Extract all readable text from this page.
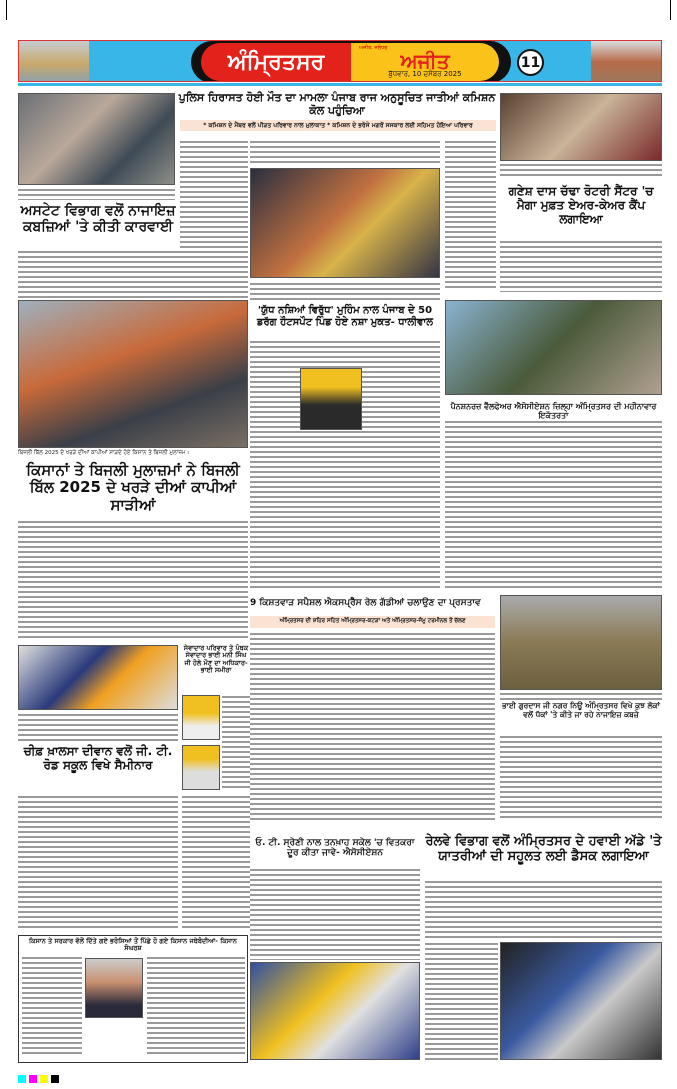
ਅੰਮ੍ਰਿਤਸਰ
ਅਜੀਤ, ਜਲੰਧਰ
ਅਜੀਤ
ਬੁੱਧਵਾਰ, 10 ਦਸੰਬਰ 2025
11
ਅਸਟੇਟ ਵਿਭਾਗ ਵਲੋਂ ਨਾਜਾਇਜ਼ ਕਬਜ਼ਿਆਂ 'ਤੇ ਕੀਤੀ ਕਾਰਵਾਈ
ਪੁਲਿਸ ਹਿਰਾਸਤ ਹੋਈ ਮੌਤ ਦਾ ਮਾਮਲਾ ਪੰਜਾਬ ਰਾਜ ਅਨੁਸੂਚਿਤ ਜਾਤੀਆਂ ਕਮਿਸ਼ਨ ਕੋਲ ਪਹੁੰਚਿਆ
* ਕਮਿਸ਼ਨ ਦੇ ਮੈਂਬਰ ਵਲੋਂ ਪੀੜਤ ਪਰਿਵਾਰ ਨਾਲ ਮੁਲਾਕਾਤ * ਕਮਿਸ਼ਨ ਦੇ ਭਰੋਸੇ ਮਗਰੋਂ ਸਸਕਾਰ ਲਈ ਸਹਿਮਤ ਹੋਇਆ ਪਰਿਵਾਰ
ਗਣੇਸ਼ ਦਾਸ ਚੱਢਾ ਰੋਟਰੀ ਸੈਂਟਰ 'ਚ ਮੈਗਾ ਮੁਫ਼ਤ ਏਅਰ-ਕੇਅਰ ਕੈਂਪ ਲਗਾਇਆ
ਬਿਜਲੀ ਬਿੱਲ 2025 ਦੇ ਖਰੜੇ ਦੀਆਂ ਕਾਪੀਆਂ ਸਾੜਦੇ ਹੋਏ ਕਿਸਾਨ ਤੇ ਬਿਜਲੀ ਮੁਲਾਜ਼ਮ।
ਕਿਸਾਨਾਂ ਤੇ ਬਿਜਲੀ ਮੁਲਾਜ਼ਮਾਂ ਨੇ ਬਿਜਲੀ ਬਿੱਲ 2025 ਦੇ ਖਰੜੇ ਦੀਆਂ ਕਾਪੀਆਂ ਸਾੜੀਆਂ
'ਯੁੱਧ ਨਸ਼ਿਆਂ ਵਿਰੁੱਧ' ਮੁਹਿੰਮ ਨਾਲ ਪੰਜਾਬ ਦੇ 50 ਡਰੱਗ ਹੌਟਸਪੌਟ ਪਿੰਡ ਹੋਏ ਨਸ਼ਾ ਮੁਕਤ- ਧਾਲੀਵਾਲ
ਪੈਨਸ਼ਨਰਜ਼ ਵੈੱਲਫੇਅਰ ਐਸੋਸੀਏਸ਼ਨ ਜ਼ਿਲ੍ਹਾ ਅੰਮ੍ਰਿਤਸਰ ਦੀ ਮਹੀਨਾਵਾਰ ਇਕੱਤਰਤਾ
9 ਕਿਸ਼ਤਵਾੜ ਸਪੈਸ਼ਲ ਐਕਸਪ੍ਰੈੱਸ ਰੇਲ ਗੱਡੀਆਂ ਚਲਾਉਣ ਦਾ ਪ੍ਰਸਤਾਵ
ਅੰਮ੍ਰਿਤਸਰ ਦੀ ਸ਼ਹਿਰ ਸਹਿਤ ਅੰਮ੍ਰਿਤਸਰ-ਕਟੜਾ ਅਤੇ ਅੰਮ੍ਰਿਤਸਰ-ਜੰਮੂ ਟਰਮੀਨਲ ਤੋਂ ਚੱਲਣ
ਭਾਈ ਗੁਰਦਾਸ ਜੀ ਨਗਰ ਨਿਊ ਅੰਮ੍ਰਿਤਸਰ ਵਿਖੇ ਕੁਝ ਲੋਕਾਂ ਵਲੋਂ ਧੱਕਾਂ 'ਤੇ ਕੀਤੇ ਜਾ ਰਹੇ ਨਾਜਾਇਜ਼ ਕਬਜ਼ੇ
ਚੀਫ਼ ਖ਼ਾਲਸਾ ਦੀਵਾਨ ਵਲੋਂ ਜੀ. ਟੀ. ਰੋਡ ਸਕੂਲ ਵਿਖੇ ਸੈਮੀਨਾਰ
ਸੇਵਾਦਾਰ ਪਰਿਵਾਰ ਤੇ ਪੰਥਕ ਸੇਵਾਦਾਰ ਭਾਈ ਮਨੀ ਸਿੰਘ ਜੀ ਹੋਲੇ ਮੌਣ ਦਾ ਅਧਿਕਾਰ-ਭਾਈ ਸਮੀਰਾ
ਓ. ਟੀ. ਸ੍ਰੇਣੀ ਨਾਲ ਤਨਖ਼ਾਹ ਸਕੇਲ 'ਚ ਵਿਤਕਰਾ ਦੂਰ ਕੀਤਾ ਜਾਵੇ- ਐਸੋਸੀਏਸ਼ਨ
ਰੇਲਵੇ ਵਿਭਾਗ ਵਲੋਂ ਅੰਮ੍ਰਿਤਸਰ ਦੇ ਹਵਾਈ ਅੱਡੇ 'ਤੇ ਯਾਤਰੀਆਂ ਦੀ ਸਹੂਲਤ ਲਈ ਡੈਸਕ ਲਗਾਇਆ
ਕਿਸਾਨ ਤੇ ਸਰਕਾਰ ਵੱਲੋਂ ਦਿੱਤੇ ਗਏ ਭਰੋਸਿਆਂ ਤੋਂ ਪਿੱਛੇ ਹੋ ਗਏ ਕਿਸਾਨ ਜਥੇਬੰਦੀਆਂ- ਕਿਸਾਨ ਸੰਘਰਸ਼
